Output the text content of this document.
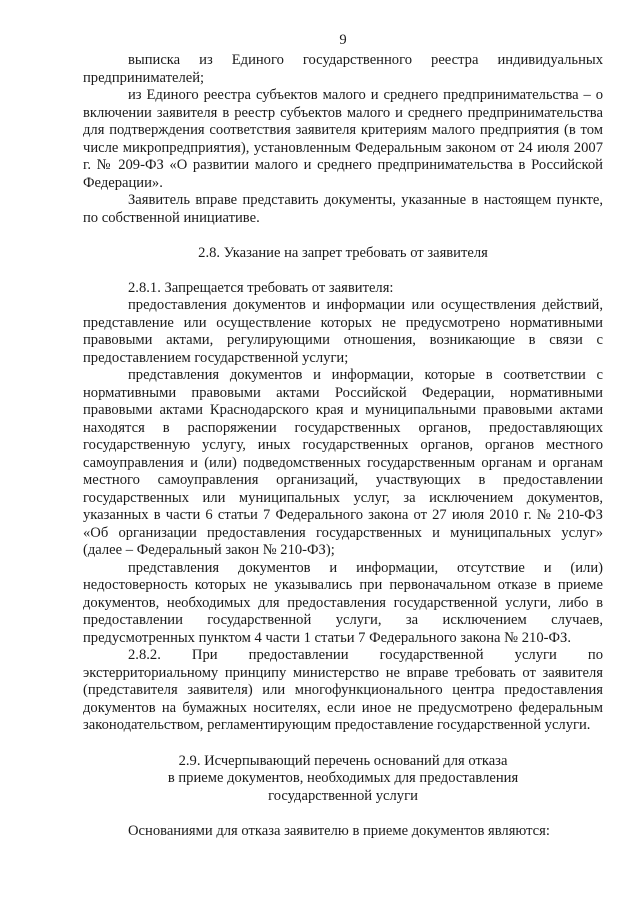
9

выписка из Единого государственного реестра индивидуальных предпринимателей;

из Единого реестра субъектов малого и среднего предпринимательства – о включении заявителя в реестр субъектов малого и среднего предпринимательства для подтверждения соответствия заявителя критериям малого предприятия (в том числе микропредприятия), установленным Федеральным законом от 24 июля 2007 г. № 209-ФЗ «О развитии малого и среднего предпринимательства в Российской Федерации».

Заявитель вправе представить документы, указанные в настоящем пункте, по собственной инициативе.

2.8. Указание на запрет требовать от заявителя

2.8.1. Запрещается требовать от заявителя:

предоставления документов и информации или осуществления действий, представление или осуществление которых не предусмотрено нормативными правовыми актами, регулирующими отношения, возникающие в связи с предоставлением государственной услуги;

представления документов и информации, которые в соответствии с нормативными правовыми актами Российской Федерации, нормативными правовыми актами Краснодарского края и муниципальными правовыми актами находятся в распоряжении государственных органов, предоставляющих государственную услугу, иных государственных органов, органов местного самоуправления и (или) подведомственных государственным органам и органам местного самоуправления организаций, участвующих в предоставлении государственных или муниципальных услуг, за исключением документов, указанных в части 6 статьи 7 Федерального закона от 27 июля 2010 г. № 210-ФЗ «Об организации предоставления государственных и муниципальных услуг» (далее – Федеральный закон № 210-ФЗ);

представления документов и информации, отсутствие и (или) недостоверность которых не указывались при первоначальном отказе в приеме документов, необходимых для предоставления государственной услуги, либо в предоставлении государственной услуги, за исключением случаев, предусмотренных пунктом 4 части 1 статьи 7 Федерального закона № 210-ФЗ.

2.8.2. При предоставлении государственной услуги по экстерриториальному принципу министерство не вправе требовать от заявителя (представителя заявителя) или многофункционального центра предоставления документов на бумажных носителях, если иное не предусмотрено федеральным законодательством, регламентирующим предоставление государственной услуги.

2.9. Исчерпывающий перечень оснований для отказа

в приеме документов, необходимых для предоставления

государственной услуги

Основаниями для отказа заявителю в приеме документов являются:
